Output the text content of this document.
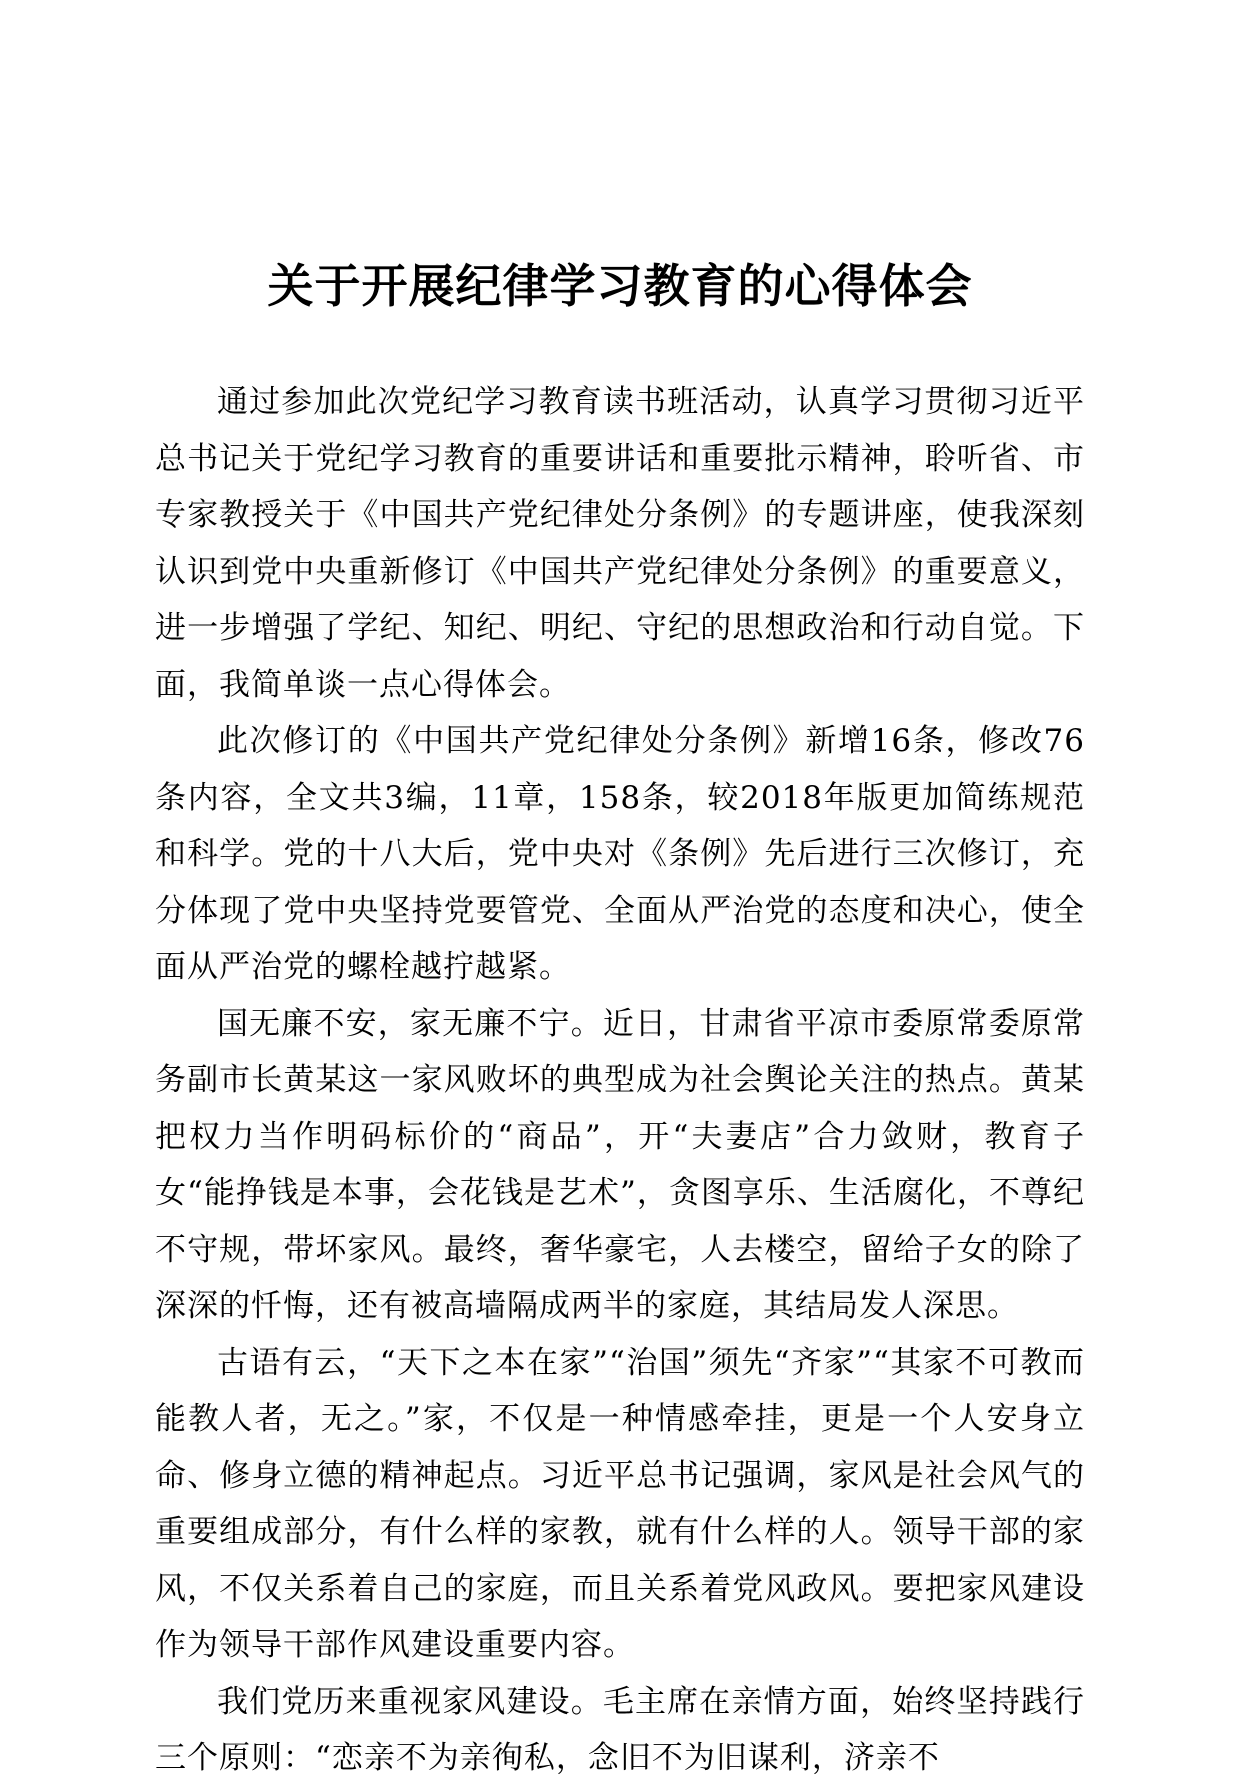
关于开展纪律学习教育的心得体会

通过参加此次党纪学习教育读书班活动，认真学习贯彻习近平总书记关于党纪学习教育的重要讲话和重要批示精神，聆听省、市专家教授关于《中国共产党纪律处分条例》的专题讲座，使我深刻认识到党中央重新修订《中国共产党纪律处分条例》的重要意义，进一步增强了学纪、知纪、明纪、守纪的思想政治和行动自觉。下面，我简单谈一点心得体会。

此次修订的《中国共产党纪律处分条例》新增16条，修改76条内容，全文共3编，11章，158条，较2018年版更加简练规范和科学。党的十八大后，党中央对《条例》先后进行三次修订，充分体现了党中央坚持党要管党、全面从严治党的态度和决心，使全面从严治党的螺栓越拧越紧。

国无廉不安，家无廉不宁。近日，甘肃省平凉市委原常委原常务副市长黄某这一家风败坏的典型成为社会舆论关注的热点。黄某把权力当作明码标价的“商品”，开“夫妻店”合力敛财，教育子女“能挣钱是本事，会花钱是艺术”，贪图享乐、生活腐化，不尊纪不守规，带坏家风。最终，奢华豪宅，人去楼空，留给子女的除了深深的忏悔，还有被高墙隔成两半的家庭，其结局发人深思。

古语有云，“天下之本在家”“治国”须先“齐家”“其家不可教而能教人者，无之。”家，不仅是一种情感牵挂，更是一个人安身立命、修身立德的精神起点。习近平总书记强调，家风是社会风气的重要组成部分，有什么样的家教，就有什么样的人。领导干部的家风，不仅关系着自己的家庭，而且关系着党风政风。要把家风建设作为领导干部作风建设重要内容。

我们党历来重视家风建设。毛主席在亲情方面，始终坚持践行三个原则：“恋亲不为亲徇私，念旧不为旧谋利，济亲不
